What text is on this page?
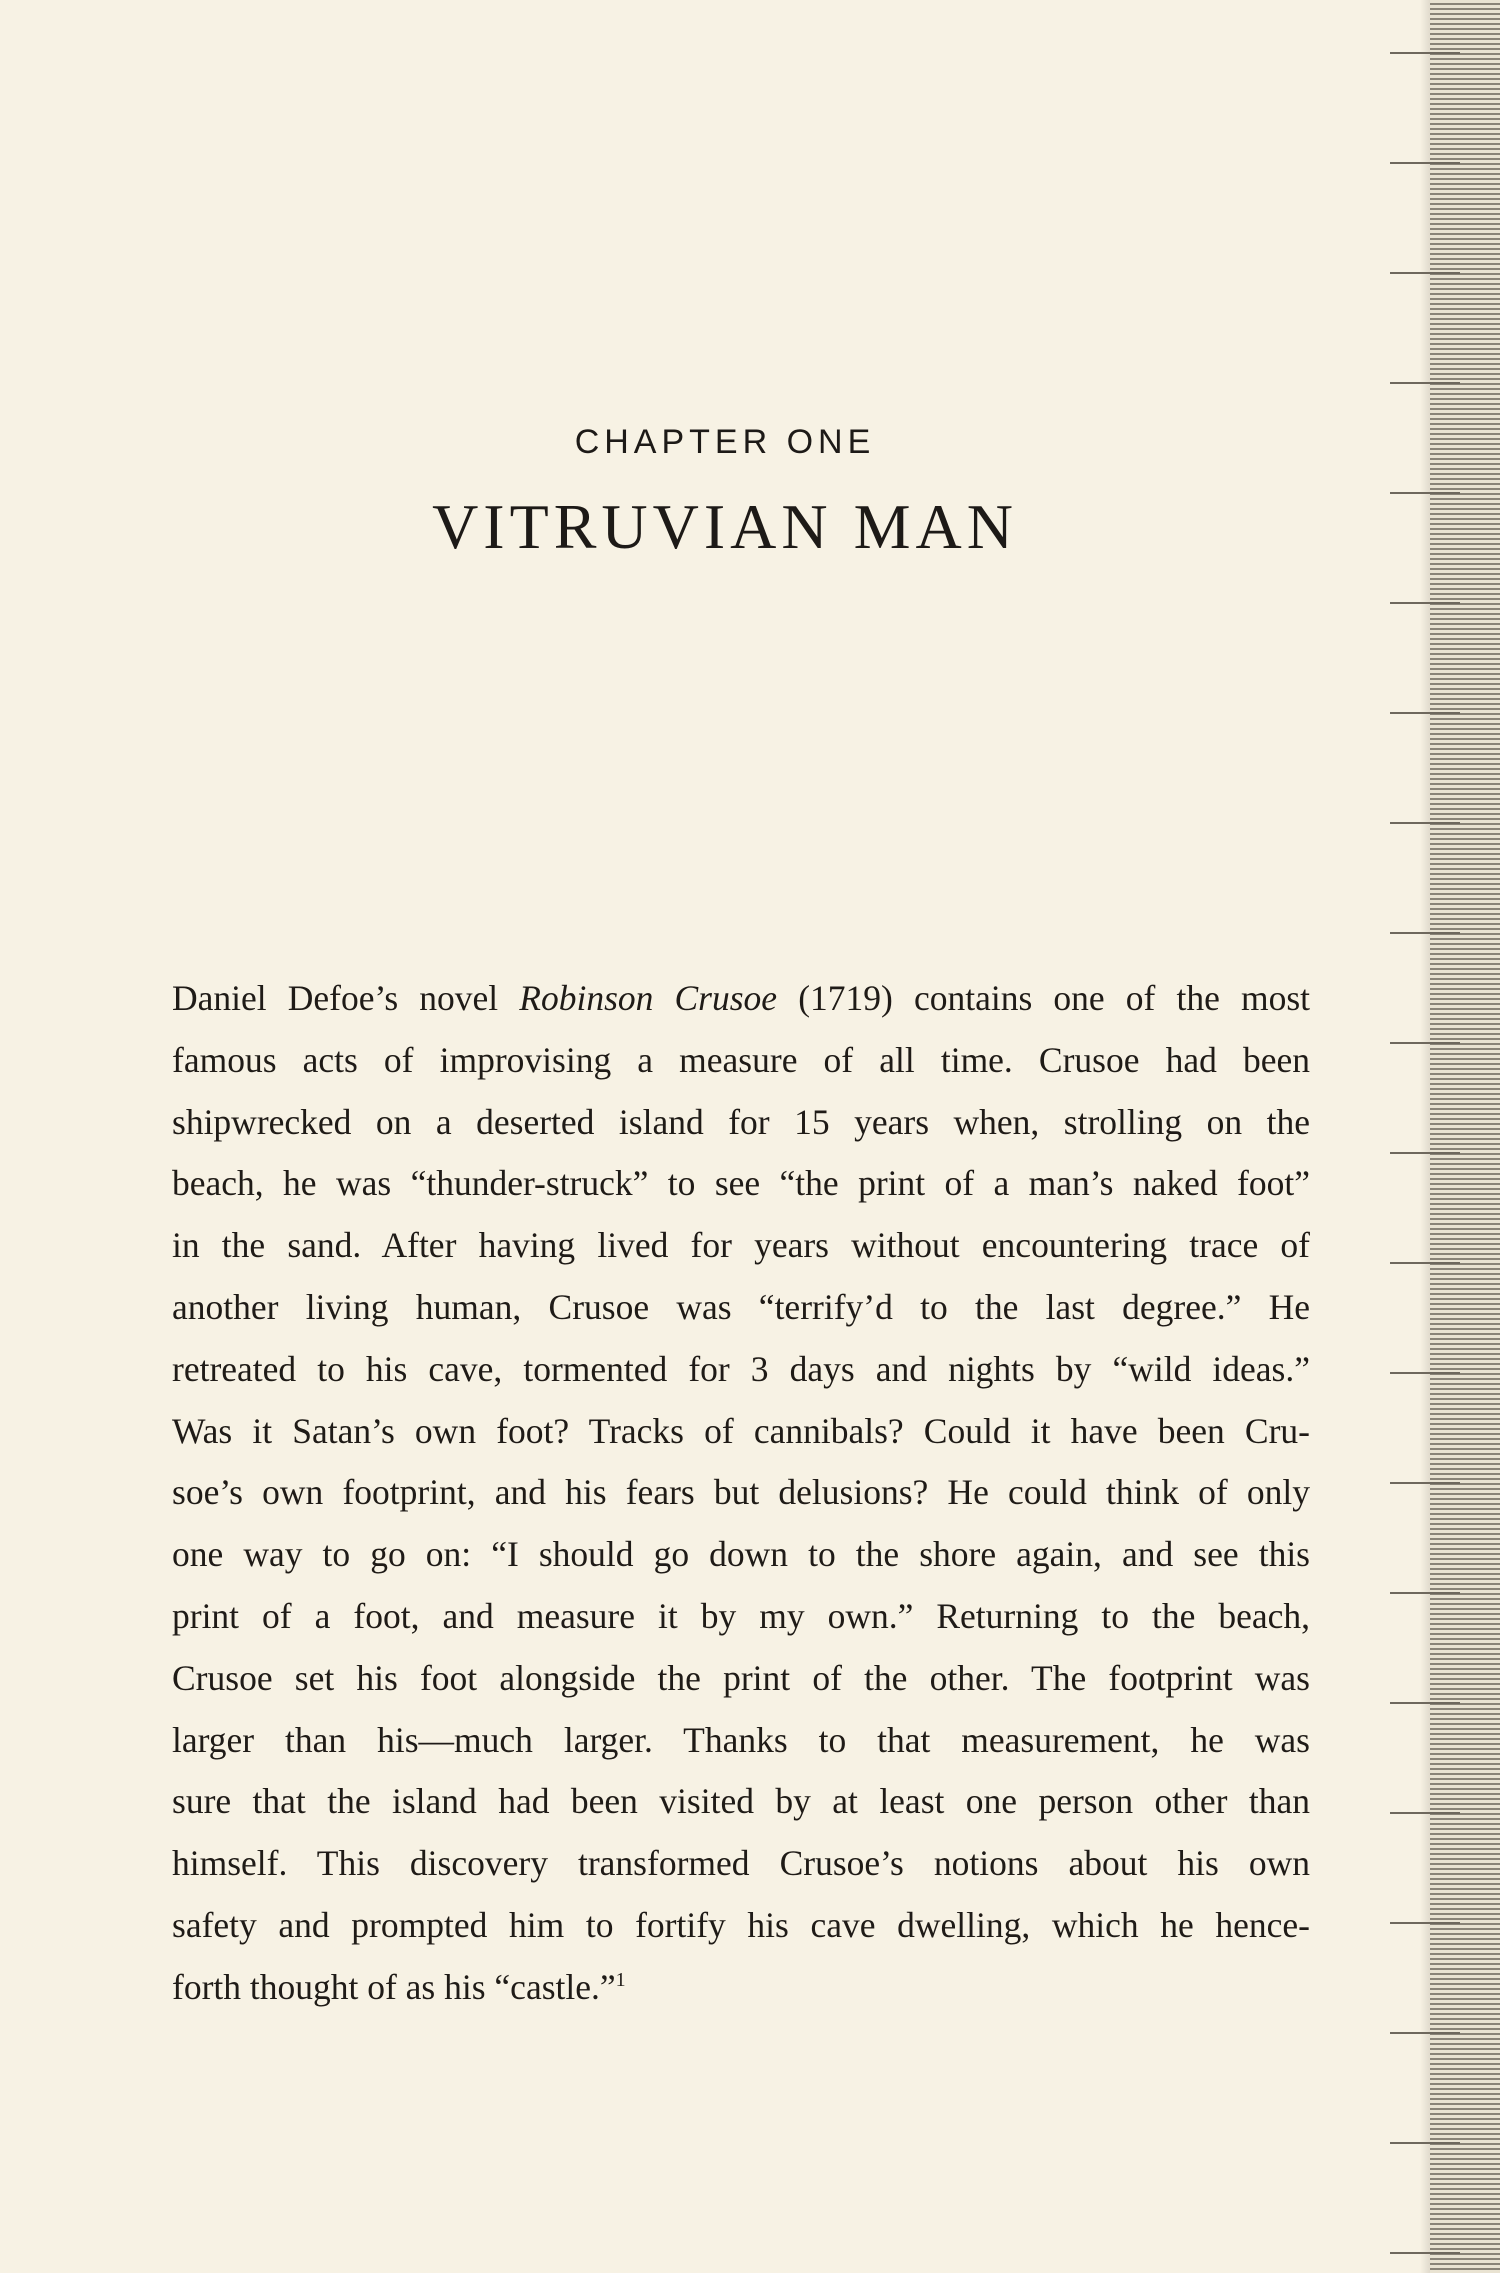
CHAPTER ONE
VITRUVIAN MAN
Daniel Defoe’s novel Robinson Crusoe (1719) contains one of the most
famous acts of improvising a measure of all time. Crusoe had been
shipwrecked on a deserted island for 15 years when, strolling on the
beach, he was “thunder-struck” to see “the print of a man’s naked foot”
in the sand. After having lived for years without encountering trace of
another living human, Crusoe was “terrify’d to the last degree.” He
retreated to his cave, tormented for 3 days and nights by “wild ideas.”
Was it Satan’s own foot? Tracks of cannibals? Could it have been Cru-
soe’s own footprint, and his fears but delusions? He could think of only
one way to go on: “I should go down to the shore again, and see this
print of a foot, and measure it by my own.” Returning to the beach,
Crusoe set his foot alongside the print of the other. The footprint was
larger than his—much larger. Thanks to that measurement, he was
sure that the island had been visited by at least one person other than
himself. This discovery transformed Crusoe’s notions about his own
safety and prompted him to fortify his cave dwelling, which he hence-
forth thought of as his “castle.”$^1$
